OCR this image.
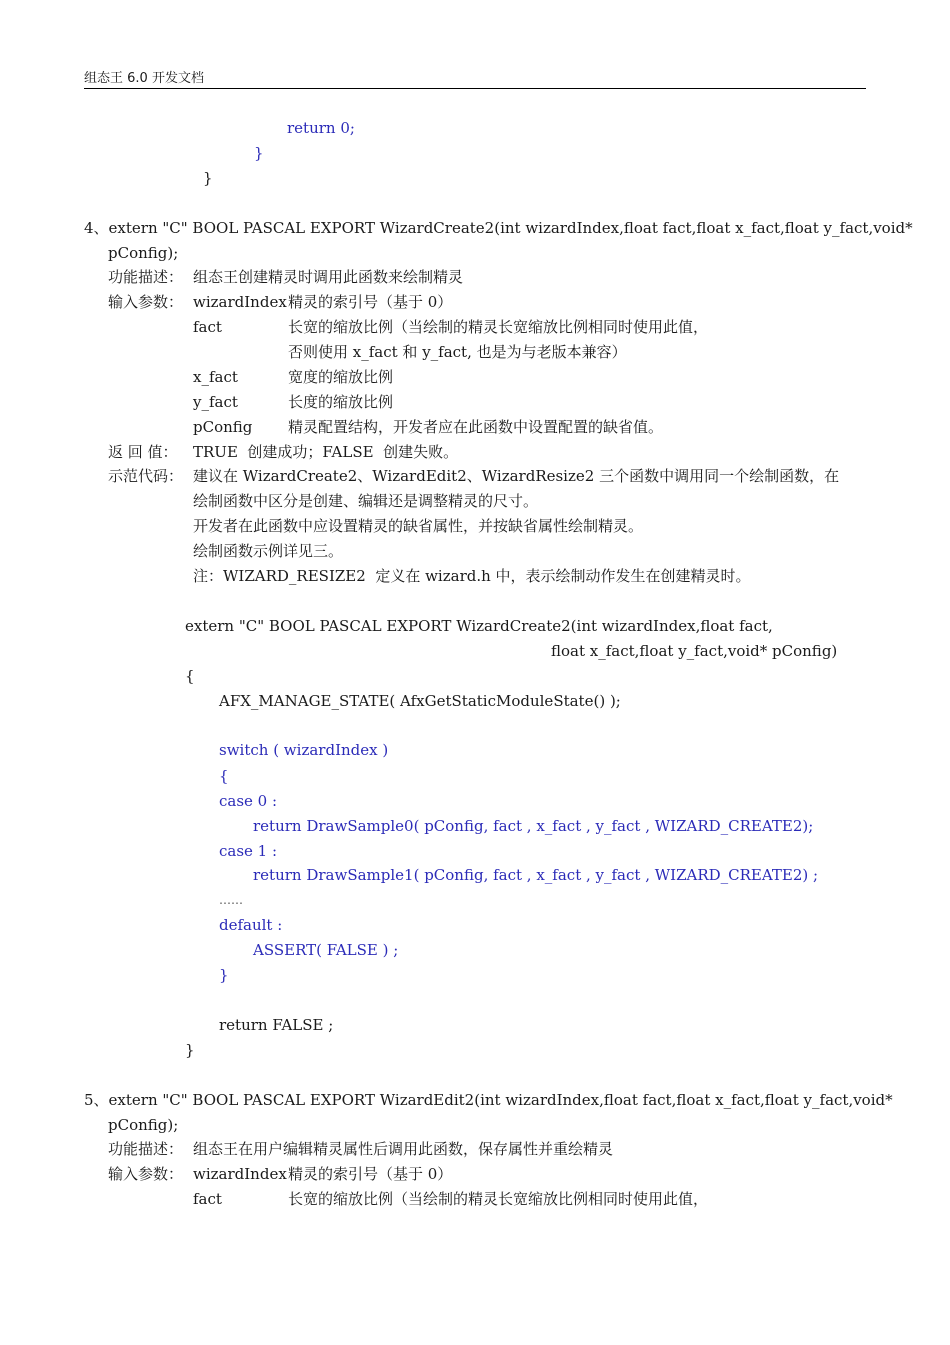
组态王 6.0 开发文档
return 0;
}
}
4、extern "C" BOOL PASCAL EXPORT WizardCreate2(int wizardIndex,float fact,float x_fact,float y_fact,void*
pConfig);
功能描述： 组态王创建精灵时调用此函数来绘制精灵
输入参数： wizardIndex 精灵的索引号（基于 0）
fact	长宽的缩放比例（当绘制的精灵长宽缩放比例相同时使用此值，
否则使用 x_fact 和 y_fact, 也是为与老版本兼容）
x_fact	宽度的缩放比例
y_fact	长度的缩放比例
pConfig 精灵配置结构，开发者应在此函数中设置配置的缺省值。
返 回 值： TRUE  创建成功；FALSE  创建失败。
示范代码： 建议在 WizardCreate2、WizardEdit2、WizardResize2 三个函数中调用同一个绘制函数，在
绘制函数中区分是创建、编辑还是调整精灵的尺寸。
开发者在此函数中应设置精灵的缺省属性，并按缺省属性绘制精灵。
绘制函数示例详见三。
注：WIZARD_RESIZE2  定义在 wizard.h 中，表示绘制动作发生在创建精灵时。
extern "C" BOOL PASCAL EXPORT WizardCreate2(int wizardIndex,float fact,
float x_fact,float y_fact,void* pConfig)
{
AFX_MANAGE_STATE( AfxGetStaticModuleState() );
switch ( wizardIndex )
{
case 0 :
return DrawSample0( pConfig, fact , x_fact , y_fact , WIZARD_CREATE2);
case 1 :
return DrawSample1( pConfig, fact , x_fact , y_fact , WIZARD_CREATE2) ;
……
default :
ASSERT( FALSE ) ;
}
return FALSE ;
}
5、extern "C" BOOL PASCAL EXPORT WizardEdit2(int wizardIndex,float fact,float x_fact,float y_fact,void*
pConfig);
功能描述： 组态王在用户编辑精灵属性后调用此函数，保存属性并重绘精灵
输入参数： wizardIndex 精灵的索引号（基于 0）
fact	长宽的缩放比例（当绘制的精灵长宽缩放比例相同时使用此值，
